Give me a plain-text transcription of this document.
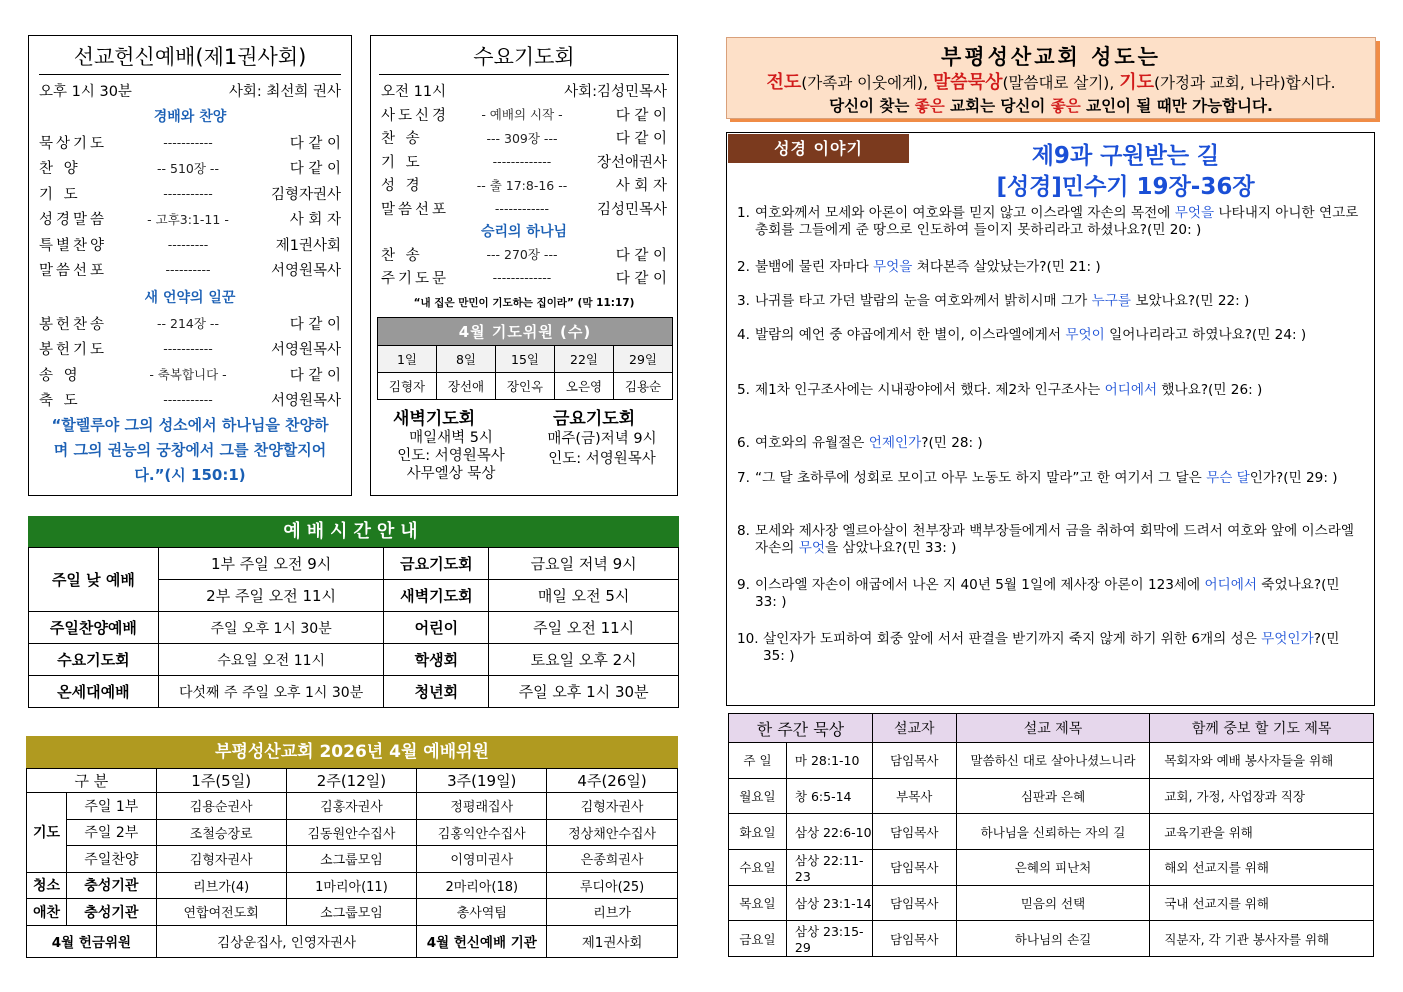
선교헌신예배(제1권사회)
오후 1시 30분	사회: 최선희 권사
경배와 찬양
묵상기도	-----------	다 같 이
찬 양	-- 510장 --	다 같 이
기 도	-----------	김형자권사
성경말씀	- 고후3:1-11 -	사 회 자
특별찬양	---------	제1권사회
말씀선포	----------	서영원목사
새 언약의 일꾼
봉헌찬송	-- 214장 --	다 같 이
봉헌기도	-----------	서영원목사
송 영	- 축복합니다 -	다 같 이
축 도	-----------	서영원목사
“할렐루야 그의 성소에서 하나님을 찬양하며 그의 권능의 궁창에서 그를 찬양할지어다.”(시 150:1)
수요기도회
오전 11시	사회:김성민목사
사도신경	- 예배의 시작 -	다 같 이
찬 송	--- 309장 ---	다 같 이
기 도	-------------	장선애권사
성 경	-- 출 17:8-16 --	사 회 자
말씀선포	------------	김성민목사
승리의 하나님
찬 송	--- 270장 ---	다 같 이
주기도문	-------------	다 같 이
“내 집은 만민이 기도하는 집이라” (막 11:17)
4월 기도위원 (수)				
1일	8일	15일	22일	29일
김형자	장선애	장인옥	오은영	김용순
새벽기도회
매일새벽 5시
인도: 서영원목사
사무엘상 묵상
금요기도회
매주(금)저녁 9시
인도: 서영원목사
예배시간안내
주일 낮 예배	1부 주일 오전 9시	금요기도회	금요일 저녁 9시
	2부 주일 오전 11시	새벽기도회	매일 오전 5시
주일찬양예배	주일 오후 1시 30분	어린이	주일 오전 11시
수요기도회	수요일 오전 11시	학생회	토요일 오후 2시
온세대예배	다섯째 주 주일 오후 1시 30분	청년회	주일 오후 1시 30분
부평성산교회 2026년 4월 예배위원
구 분		1주(5일)	2주(12일)	3주(19일)	4주(26일)
기도	주일 1부	김용순권사	김홍자권사	정평래집사	김형자권사
	주일 2부	조철승장로	김동원안수집사	김홍익안수집사	정상채안수집사
	주일찬양	김형자권사	소그룹모임	이영미권사	은종희권사
청소	충성기관	리브가(4)	1마리아(11)	2마리아(18)	루디아(25)
애찬	충성기관	연합여전도회	소그룹모임	총사역팀	리브가
4월 헌금위원		김상운집사, 인영자권사		4월 헌신예배 기관	제1권사회
부평성산교회 성도는
전도(가족과 이웃에게), 말씀묵상(말씀대로 살기), 기도(가정과 교회, 나라)합시다.
당신이 찾는 좋은 교회는 당신이 좋은 교인이 될 때만 가능합니다.
성경 이야기	제9과 구원받는 길
[성경]민수기 19장-36장
1. 여호와께서 모세와 아론이 여호와를 믿지 않고 이스라엘 자손의 목전에 무엇을 나타내지 아니한 연고로 총회를 그들에게 준 땅으로 인도하여 들이지 못하리라고 하셨나요?(민 20: )
2. 불뱀에 물린 자마다 무엇을 쳐다본즉 살았났는가?(민 21: )
3. 나귀를 타고 가던 발람의 눈을 여호와께서 밝히시매 그가 누구를 보았나요?(민 22: )
4. 발람의 예언 중 야곱에게서 한 별이, 이스라엘에게서 무엇이 일어나리라고 하였나요?(민 24: )
5. 제1차 인구조사에는 시내광야에서 했다. 제2차 인구조사는 어디에서 했나요?(민 26: )
6. 여호와의 유월절은 언제인가?(민 28: )
7. “그 달 초하루에 성회로 모이고 아무 노동도 하지 말라”고 한 여기서 그 달은 무슨 달인가?(민 29: )
8. 모세와 제사장 엘르아살이 천부장과 백부장들에게서 금을 취하여 회막에 드려서 여호와 앞에 이스라엘 자손의 무엇을 삼았나요?(민 33: )
9. 이스라엘 자손이 애굽에서 나온 지 40년 5월 1일에 제사장 아론이 123세에 어디에서 죽었나요?(민 33: )
10. 살인자가 도피하여 회중 앞에 서서 판결을 받기까지 죽지 않게 하기 위한 6개의 성은 무엇인가?(민 35: )
한 주간 묵상		설교자	설교 제목	함께 중보 할 기도 제목
주 일	마 28:1-10	담임목사	말씀하신 대로 살아나셨느니라	목회자와 예배 봉사자들을 위해
월요일	창 6:5-14	부목사	심판과 은혜	교회, 가정, 사업장과 직장
화요일	삼상 22:6-10	담임목사	하나님을 신뢰하는 자의 길	교육기관을 위해
수요일	삼상 22:11-23	담임목사	은혜의 피난처	해외 선교지를 위해
목요일	삼상 23:1-14	담임목사	믿음의 선택	국내 선교지를 위해
금요일	삼상 23:15-29	담임목사	하나님의 손길	직분자, 각 기관 봉사자를 위해
